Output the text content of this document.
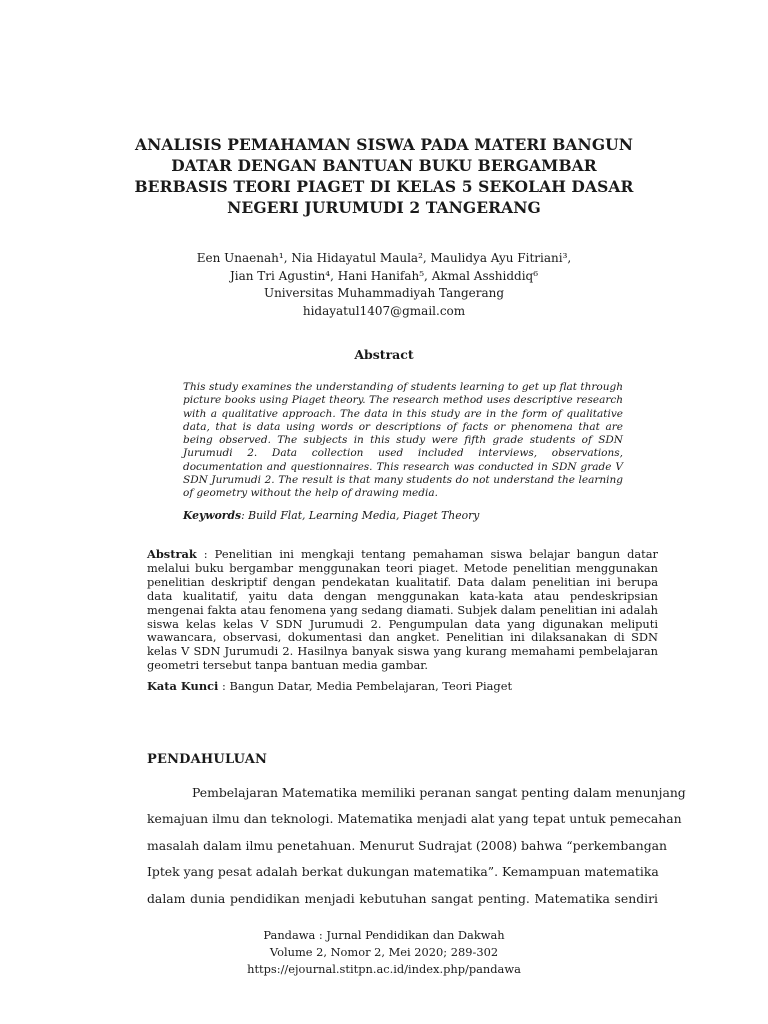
ANALISIS PEMAHAMAN SISWA PADA MATERI BANGUN
DATAR DENGAN BANTUAN BUKU BERGAMBAR
BERBASIS TEORI PIAGET DI KELAS 5 SEKOLAH DASAR
NEGERI JURUMUDI 2 TANGERANG
Een Unaenah¹, Nia Hidayatul Maula², Maulidya Ayu Fitriani³,
Jian Tri Agustin⁴, Hani Hanifah⁵, Akmal Asshiddiq⁶
Universitas Muhammadiyah Tangerang
hidayatul1407@gmail.com
Abstract
This study examines the understanding of students learning to get up flat through picture books using Piaget theory. The research method uses descriptive research with a qualitative approach. The data in this study are in the form of qualitative data, that is data using words or descriptions of facts or phenomena that are being observed. The subjects in this study were fifth grade students of SDN Jurumudi 2. Data collection used included interviews, observations, documentation and questionnaires. This research was conducted in SDN grade V SDN Jurumudi 2. The result is that many students do not understand the learning of geometry without the help of drawing media.
Keywords: Build Flat, Learning Media, Piaget Theory
Abstrak : Penelitian ini mengkaji tentang pemahaman siswa belajar bangun datar melalui buku bergambar menggunakan teori piaget. Metode penelitian menggunakan penelitian deskriptif dengan pendekatan kualitatif. Data dalam penelitian ini berupa data kualitatif, yaitu data dengan menggunakan kata-kata atau pendeskripsian mengenai fakta atau fenomena yang sedang diamati. Subjek dalam penelitian ini adalah siswa kelas kelas V SDN Jurumudi 2. Pengumpulan data yang digunakan meliputi wawancara, observasi, dokumentasi dan angket. Penelitian ini dilaksanakan di SDN kelas V SDN Jurumudi 2. Hasilnya banyak siswa yang kurang memahami pembelajaran geometri tersebut tanpa bantuan media gambar.
Kata Kunci : Bangun Datar, Media Pembelajaran, Teori Piaget
PENDAHULUAN
Pembelajaran Matematika memiliki peranan sangat penting dalam menunjang
kemajuan ilmu dan teknologi. Matematika menjadi alat yang tepat untuk pemecahan
masalah dalam ilmu penetahuan. Menurut Sudrajat (2008) bahwa “perkembangan
Iptek yang pesat adalah berkat dukungan matematika”. Kemampuan matematika
dalam dunia pendidikan menjadi kebutuhan sangat penting. Matematika sendiri
Pandawa : Jurnal Pendidikan dan Dakwah
Volume 2, Nomor 2, Mei 2020; 289-302
https://ejournal.stitpn.ac.id/index.php/pandawa
